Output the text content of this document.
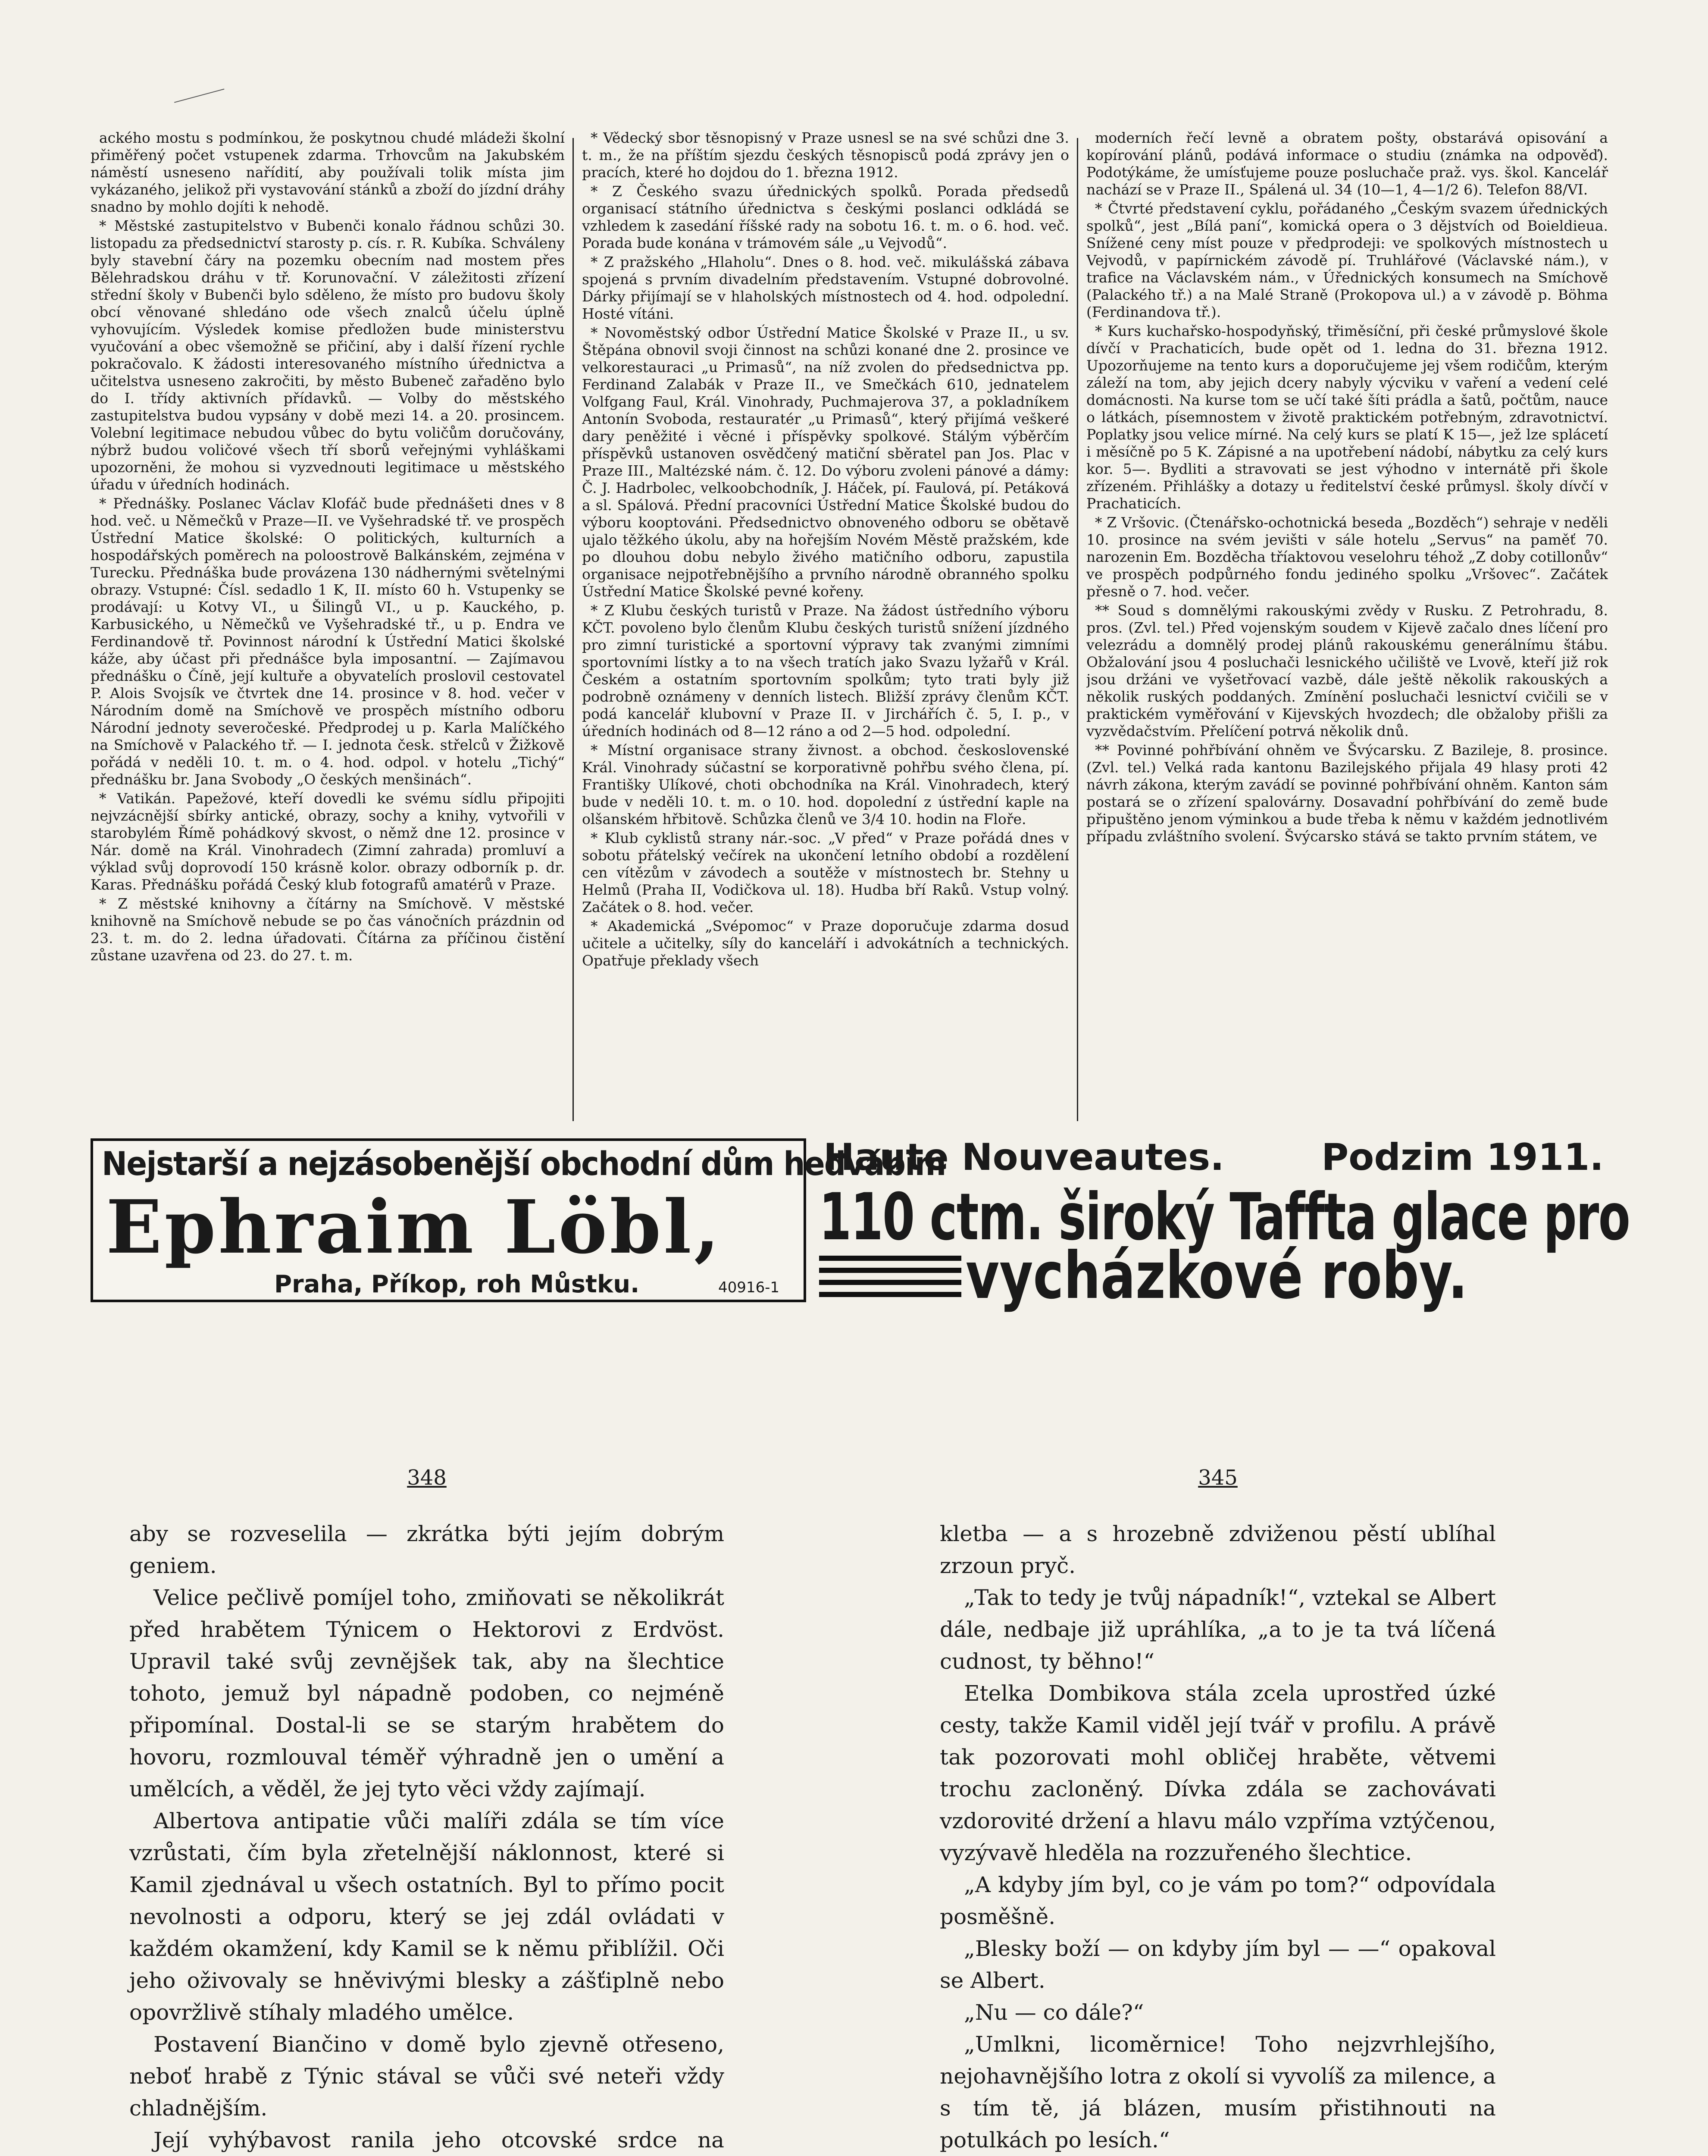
ackého mostu s podmínkou, že poskytnou chudé mládeži školní přiměřený počet vstupenek zdarma. Trhovcům na Jakubském náměstí usneseno nařídití, aby používali tolik místa jim vykázaného, jelikož při vystavování stánků a zboží do jízdní dráhy snadno by mohlo dojíti k nehodě.

* Městské zastupitelstvo v Bubenči konalo řádnou schůzi 30. listopadu za předsednictví starosty p. cís. r. R. Kubíka. Schváleny byly stavební čáry na pozemku obecním nad mostem přes Bělehradskou dráhu v tř. Korunovační. V záležitosti zřízení střední školy v Bubenči bylo sděleno, že místo pro budovu školy obcí věnované shledáno ode všech znalců účelu úplně vyhovujícím. Výsledek komise předložen bude ministerstvu vyučování a obec všemožně se přičiní, aby i další řízení rychle pokračovalo. K žádosti interesovaného místního úřednictva a učitelstva usneseno zakročiti, by město Bubeneč zařaděno bylo do I. třídy aktivních přídavků. — Volby do městského zastupitelstva budou vypsány v době mezi 14. a 20. prosincem. Volební legitimace nebudou vůbec do bytu voličům doručovány, nýbrž budou voličové všech tří sborů veřejnými vyhláškami upozorněni, že mohou si vyzvednouti legitimace u městského úřadu v úředních hodinách.

* Přednášky. Poslanec Václav Klofáč bude přednášeti dnes v 8 hod. več. u Němečků v Praze—II. ve Vyšehradské tř. ve prospěch Ústřední Matice školské: O politických, kulturních a hospodářských poměrech na poloostrově Balkánském, zejména v Turecku. Přednáška bude provázena 130 nádhernými světelnými obrazy. Vstupné: Čísl. sedadlo 1 K, II. místo 60 h. Vstupenky se prodávají: u Kotvy VI., u Šilingů VI., u p. Kauckého, p. Karbusického, u Němečků ve Vyšehradské tř., u p. Endra ve Ferdinandově tř. Povinnost národní k Ústřední Matici školské káže, aby účast při přednášce byla imposantní. — Zajímavou přednášku o Číně, její kultuře a obyvatelích proslovil cestovatel P. Alois Svojsík ve čtvrtek dne 14. prosince v 8. hod. večer v Národním domě na Smíchově ve prospěch místního odboru Národní jednoty severočeské. Předprodej u p. Karla Malíčkého na Smíchově v Palackého tř. — I. jednota česk. střelců v Žižkově pořádá v neděli 10. t. m. o 4. hod. odpol. v hotelu „Tichý“ přednášku br. Jana Svobody „O českých menšinách“.

* Vatikán. Papežové, kteří dovedli ke svému sídlu připojiti nejvzácnější sbírky antické, obrazy, sochy a knihy, vytvořili v starobylém Římě pohádkový skvost, o němž dne 12. prosince v Nár. domě na Král. Vinohradech (Zimní zahrada) promluví a výklad svůj doprovodí 150 krásně kolor. obrazy odborník p. dr. Karas. Přednášku pořádá Český klub fotografů amatérů v Praze.

* Z městské knihovny a čítárny na Smíchově. V městské knihovně na Smíchově nebude se po čas vánočních prázdnin od 23. t. m. do 2. ledna úřadovati. Čítárna za příčinou čistění zůstane uzavřena od 23. do 27. t. m.

* Vědecký sbor těsnopisný v Praze usnesl se na své schůzi dne 3. t. m., že na příštím sjezdu českých těsnopisců podá zprávy jen o pracích, které ho dojdou do 1. března 1912.

* Z Českého svazu úřednických spolků. Porada předsedů organisací státního úřednictva s českými poslanci odkládá se vzhledem k zasedání říšské rady na sobotu 16. t. m. o 6. hod. več. Porada bude konána v trámovém sále „u Vejvodů“.

* Z pražského „Hlaholu“. Dnes o 8. hod. več. mikulášská zábava spojená s prvním divadelním představením. Vstupné dobrovolné. Dárky přijímají se v hlaholských místnostech od 4. hod. odpolední. Hosté vítáni.

* Novoměstský odbor Ústřední Matice Školské v Praze II., u sv. Štěpána obnovil svoji činnost na schůzi konané dne 2. prosince ve velkorestauraci „u Primasů“, na níž zvolen do předsednictva pp. Ferdinand Zalabák v Praze II., ve Smečkách 610, jednatelem Volfgang Faul, Král. Vinohrady, Puchmajerova 37, a pokladníkem Antonín Svoboda, restauratér „u Primasů“, který přijímá veškeré dary peněžité i věcné i příspěvky spolkové. Stálým výběrčím příspěvků ustanoven osvědčený matiční sběratel pan Jos. Plac v Praze III., Maltézské nám. č. 12. Do výboru zvoleni pánové a dámy: Č. J. Hadrbolec, velkoobchodník, J. Háček, pí. Faulová, pí. Petáková a sl. Spálová. Přední pracovníci Ústřední Matice Školské budou do výboru kooptováni. Předsednictvo obnoveného odboru se obětavě ujalo těžkého úkolu, aby na hořejším Novém Městě pražském, kde po dlouhou dobu nebylo živého matičního odboru, zapustila organisace nejpotřebnějšího a prvního národně obranného spolku Ústřední Matice Školské pevné kořeny.

* Z Klubu českých turistů v Praze. Na žádost ústředního výboru KČT. povoleno bylo členům Klubu českých turistů snížení jízdného pro zimní turistické a sportovní výpravy tak zvanými zimními sportovními lístky a to na všech tratích jako Svazu lyžařů v Král. Českém a ostatním sportovním spolkům; tyto trati byly již podrobně oznámeny v denních listech. Bližší zprávy členům KČT. podá kancelář klubovní v Praze II. v Jirchářích č. 5, I. p., v úředních hodinách od 8—12 ráno a od 2—5 hod. odpolední.

* Místní organisace strany živnost. a obchod. československé Král. Vinohrady súčastní se korporativně pohřbu svého člena, pí. Františky Ulíkové, choti obchodníka na Král. Vinohradech, který bude v neděli 10. t. m. o 10. hod. dopolední z ústřední kaple na olšanském hřbitově. Schůzka členů ve 3/4 10. hodin na Floře.

* Klub cyklistů strany nár.-soc. „V před“ v Praze pořádá dnes v sobotu přátelský večírek na ukončení letního období a rozdělení cen vítězům v závodech a soutěže v místnostech br. Stehny u Helmů (Praha II, Vodičkova ul. 18). Hudba bří Raků. Vstup volný. Začátek o 8. hod. večer.

* Akademická „Svépomoc“ v Praze doporučuje zdarma dosud učitele a učitelky, síly do kanceláří i advokátních a technických. Opatřuje překlady všech

moderních řečí levně a obratem pošty, obstarává opisování a kopírování plánů, podává informace o studiu (známka na odpověď). Podotýkáme, že umísťujeme pouze posluchače praž. vys. škol. Kancelář nachází se v Praze II., Spálená ul. 34 (10—1, 4—1/2 6). Telefon 88/VI.

* Čtvrté představení cyklu, pořádaného „Českým svazem úřednických spolků“, jest „Bílá paní“, komická opera o 3 dějstvích od Boieldieua. Snížené ceny míst pouze v předprodeji: ve spolkových místnostech u Vejvodů, v papírnickém závodě pí. Truhlářové (Václavské nám.), v trafice na Václavském nám., v Úřednických konsumech na Smíchově (Palackého tř.) a na Malé Straně (Prokopova ul.) a v závodě p. Böhma (Ferdinandova tř.).

* Kurs kuchařsko-hospodyňský, třiměsíční, při české průmyslové škole dívčí v Prachaticích, bude opět od 1. ledna do 31. března 1912. Upozorňujeme na tento kurs a doporučujeme jej všem rodičům, kterým záleží na tom, aby jejich dcery nabyly výcviku v vaření a vedení celé domácnosti. Na kurse tom se učí také šíti prádla a šatů, počtům, nauce o látkách, písemnostem v životě praktickém potřebným, zdravotnictví. Poplatky jsou velice mírné. Na celý kurs se platí K 15—, jež lze splácetí i měsíčně po 5 K. Zápisné a na upotřebení nádobí, nábytku za celý kurs kor. 5—. Bydliti a stravovati se jest výhodno v internátě při škole zřízeném. Přihlášky a dotazy u ředitelství české průmysl. školy dívčí v Prachaticích.

* Z Vršovic. (Čtenářsko-ochotnická beseda „Bozděch“) sehraje v neděli 10. prosince na svém jevišti v sále hotelu „Servus“ na paměť 70. narozenin Em. Bozděcha tříaktovou veselohru téhož „Z doby cotillonův“ ve prospěch podpůrného fondu jediného spolku „Vršovec“. Začátek přesně o 7. hod. večer.

** Soud s domnělými rakouskými zvědy v Rusku. Z Petrohradu, 8. pros. (Zvl. tel.) Před vojenským soudem v Kijevě začalo dnes líčení pro velezrádu a domnělý prodej plánů rakouskému generálnímu štábu. Obžalování jsou 4 posluchači lesnického učiliště ve Lvově, kteří již rok jsou držáni ve vyšetřovací vazbě, dále ještě několik rakouských a několik ruských poddaných. Zmínění posluchači lesnictví cvičili se v praktickém vyměřování v Kijevských hvozdech; dle obžaloby přišli za vyzvědačstvím. Přelíčení potrvá několik dnů.

** Povinné pohřbívání ohněm ve Švýcarsku. Z Bazileje, 8. prosince. (Zvl. tel.) Velká rada kantonu Bazilejského přijala 49 hlasy proti 42 návrh zákona, kterým zavádí se povinné pohřbívání ohněm. Kanton sám postará se o zřízení spalovárny. Dosavadní pohřbívání do země bude připuštěno jenom výminkou a bude třeba k němu v každém jednotlivém případu zvláštního svolení. Švýcarsko stává se takto prvním státem, ve

Nejstarší a nejzásobenější obchodní dům hedvábím
Ephraim Löbl,
Praha, Příkop, roh Můstku.	40916-1
Haute Nouveautes.	Podzim 1911.
110 ctm. široký Taffta glace pro
vycházkové roby.
348

aby se rozveselila — zkrátka býti jejím dobrým geniem.

Velice pečlivě pomíjel toho, zmiňovati se několikrát před hrabětem Týnicem o Hektorovi z Erdvöst. Upravil také svůj zevnějšek tak, aby na šlechtice tohoto, jemuž byl nápadně podoben, co nejméně připomínal. Dostal-li se se starým hrabětem do hovoru, rozmlouval téměř výhradně jen o umění a umělcích, a věděl, že jej tyto věci vždy zajímají.

Albertova antipatie vůči malíři zdála se tím více vzrůstati, čím byla zřetelnější náklonnost, které si Kamil zjednával u všech ostatních. Byl to přímo pocit nevolnosti a odporu, který se jej zdál ovládati v každém okamžení, kdy Kamil se k němu přiblížil. Oči jeho oživovaly se hněvivými blesky a zášťiplně nebo opovržlivě stíhaly mladého umělce.

Postavení Biančino v domě bylo zjevně otřeseno, neboť hrabě z Týnic stával se vůči své neteři vždy chladnějším.

Její vyhýbavost ranila jeho otcovské srdce na

345

kletba — a s hrozebně zdviženou pěstí ublíhal zrzoun pryč.

„Tak to tedy je tvůj nápadník!“, vztekal se Albert dále, nedbaje již upráhlíka, „a to je ta tvá líčená cudnost, ty běhno!“

Etelka Dombikova stála zcela uprostřed úzké cesty, takže Kamil viděl její tvář v profilu. A právě tak pozorovati mohl obličej hraběte, větvemi trochu zacloněný. Dívka zdála se zachovávati vzdorovité držení a hlavu málo vzpříma vztýčenou, vyzývavě hleděla na rozzuřeného šlechtice.

„A kdyby jím byl, co je vám po tom?“ odpovídala posměšně.

„Blesky boží — on kdyby jím byl — —“ opakoval se Albert.

„Nu — co dále?“

„Umlkni, licoměrnice! Toho nejzvrhlejšího, nejohavnějšího lotra z okolí si vyvolíš za milence, a s tím tě, já blázen, musím přistihnouti na potulkách po lesích.“
